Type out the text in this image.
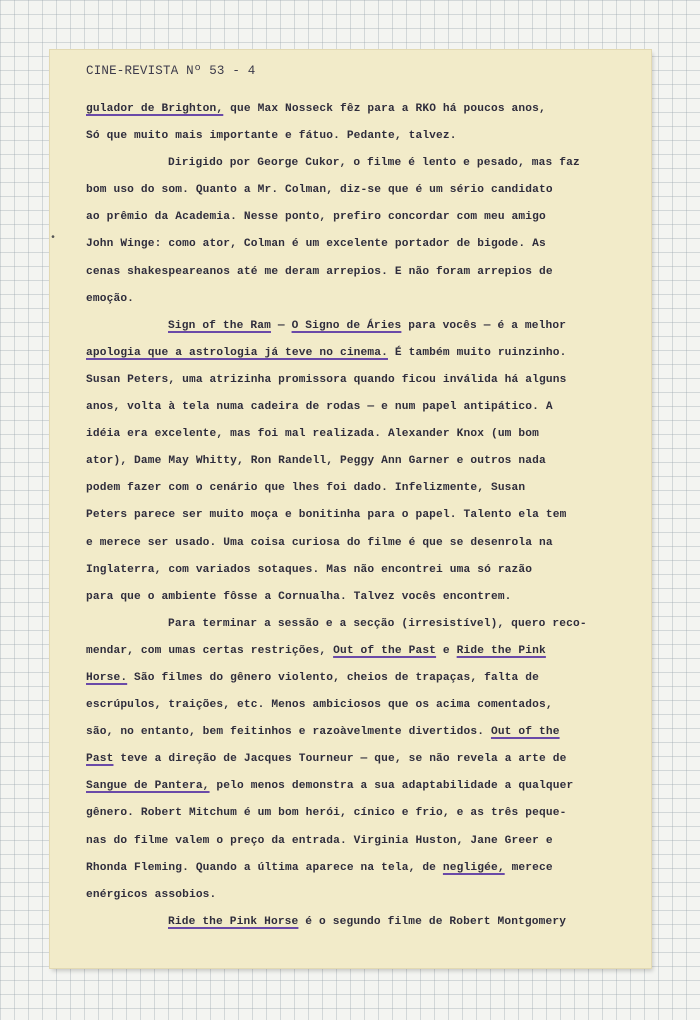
•
CINE-REVISTA Nº 53 - 4
gulador de Brighton, que Max Nosseck fêz para a RKO há poucos anos,
Só que muito mais importante e fátuo. Pedante, talvez.
Dirigido por George Cukor, o filme é lento e pesado, mas faz
bom uso do som. Quanto a Mr. Colman, diz-se que é um sério candidato
ao prêmio da Academia. Nesse ponto, prefiro concordar com meu amigo
John Winge: como ator, Colman é um excelente portador de bigode. As
cenas shakespeareanos até me deram arrepios. E não foram arrepios de
emoção.
Sign of the Ram — O Signo de Áries para vocês — é a melhor
apologia que a astrologia já teve no cinema. É também muito ruinzinho.
Susan Peters, uma atrizinha promissora quando ficou inválida há alguns
anos, volta à tela numa cadeira de rodas — e num papel antipático. A
idéia era excelente, mas foi mal realizada. Alexander Knox (um bom
ator), Dame May Whitty, Ron Randell, Peggy Ann Garner e outros nada
podem fazer com o cenário que lhes foi dado. Infelizmente, Susan
Peters parece ser muito moça e bonitinha para o papel. Talento ela tem
e merece ser usado. Uma coisa curiosa do filme é que se desenrola na
Inglaterra, com variados sotaques. Mas não encontrei uma só razão
para que o ambiente fôsse a Cornualha. Talvez vocês encontrem.
Para terminar a sessão e a secção (irresistível), quero reco-
mendar, com umas certas restrições, Out of the Past e Ride the Pink
Horse. São filmes do gênero violento, cheios de trapaças, falta de
escrúpulos, traições, etc. Menos ambiciosos que os acima comentados,
são, no entanto, bem feitinhos e razoàvelmente divertidos. Out of the
Past teve a direção de Jacques Tourneur — que, se não revela a arte de
Sangue de Pantera, pelo menos demonstra a sua adaptabilidade a qualquer
gênero. Robert Mitchum é um bom herói, cínico e frio, e as três peque-
nas do filme valem o preço da entrada. Virginia Huston, Jane Greer e
Rhonda Fleming. Quando a última aparece na tela, de negligée, merece
enérgicos assobios.
Ride the Pink Horse é o segundo filme de Robert Montgomery
